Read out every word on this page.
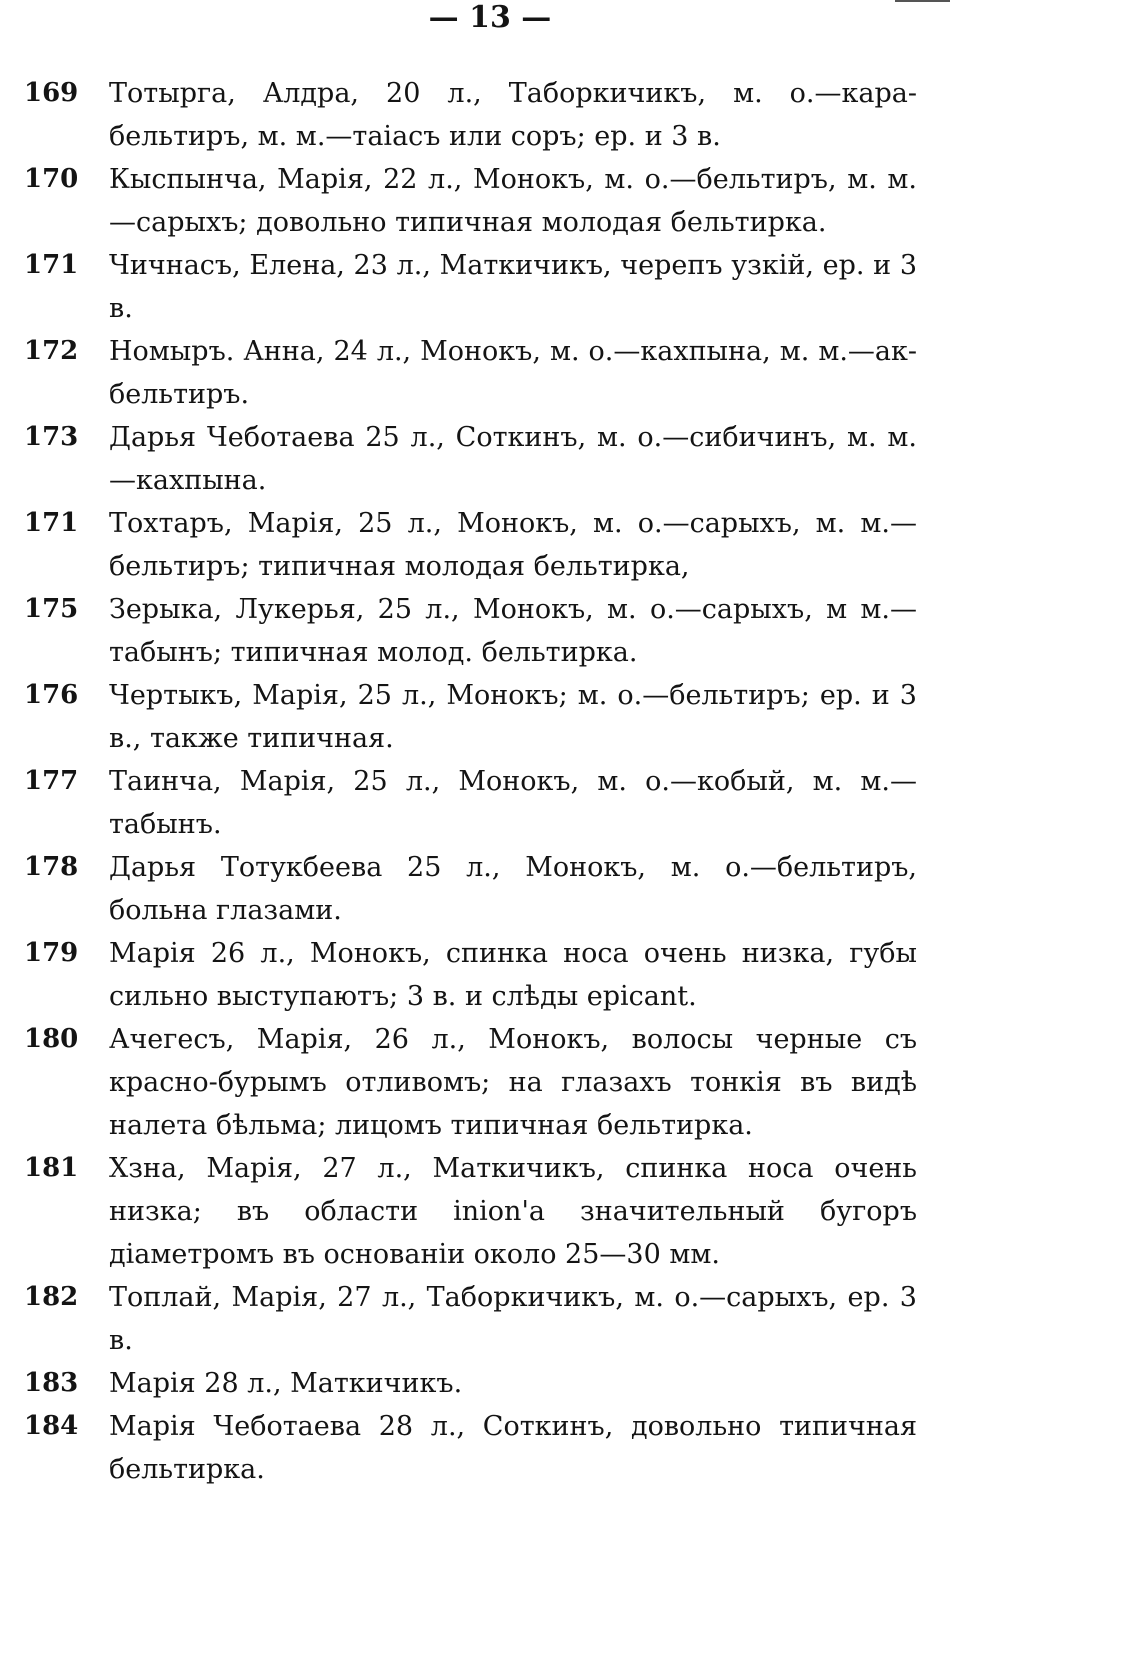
— 13 —
169	Тотырга, Алдра, 20 л., Таборкичикъ, м. о.—кара-бельтиръ, м. м.—таіасъ или соръ; ер. и 3 в.

170	Кыспынча, Марія, 22 л., Монокъ, м. о.—бельтиръ, м. м.—сарыхъ; довольно типичная молодая бельтирка.

171	Чичнасъ, Елена, 23 л., Маткичикъ, черепъ узкій, ер. и 3 в.

172	Номыръ. Анна, 24 л., Монокъ, м. о.—кахпына, м. м.—ак-бельтиръ.

173	Дарья Чеботаева 25 л., Соткинъ, м. о.—сибичинъ, м. м.—кахпына.

171	Тохтаръ, Марія, 25 л., Монокъ, м. о.—сарыхъ, м. м.—бельтиръ; типичная молодая бельтирка,

175	Зерыка, Лукерья, 25 л., Монокъ, м. о.—сарыхъ, м м.—табынъ; типичная молод. бельтирка.

176	Чертыкъ, Марія, 25 л., Монокъ; м. о.—бельтиръ; ер. и 3 в., также типичная.

177	Таинча, Марія, 25 л., Монокъ, м. о.—кобый, м. м.—табынъ.

178	Дарья Тотукбеева 25 л., Монокъ, м. о.—бельтиръ, больна глазами.

179	Марія 26 л., Монокъ, спинка носа очень низка, губы сильно выступаютъ; 3 в. и слѣды epicant.

180	Ачегесъ, Марія, 26 л., Монокъ, волосы черные съ красно-бурымъ отливомъ; на глазахъ тонкія въ видѣ налета бѣльма; лицомъ типичная бельтирка.

181	Хзна, Марія, 27 л., Маткичикъ, спинка носа очень низка; въ области inion'а значительный бугоръ діаметромъ въ основаніи около 25—30 мм.

182	Топлай, Марія, 27 л., Таборкичикъ, м. о.—сарыхъ, ер. 3 в.

183	Марія 28 л., Маткичикъ.

184	Марія Чеботаева 28 л., Соткинъ, довольно типичная бельтирка.
